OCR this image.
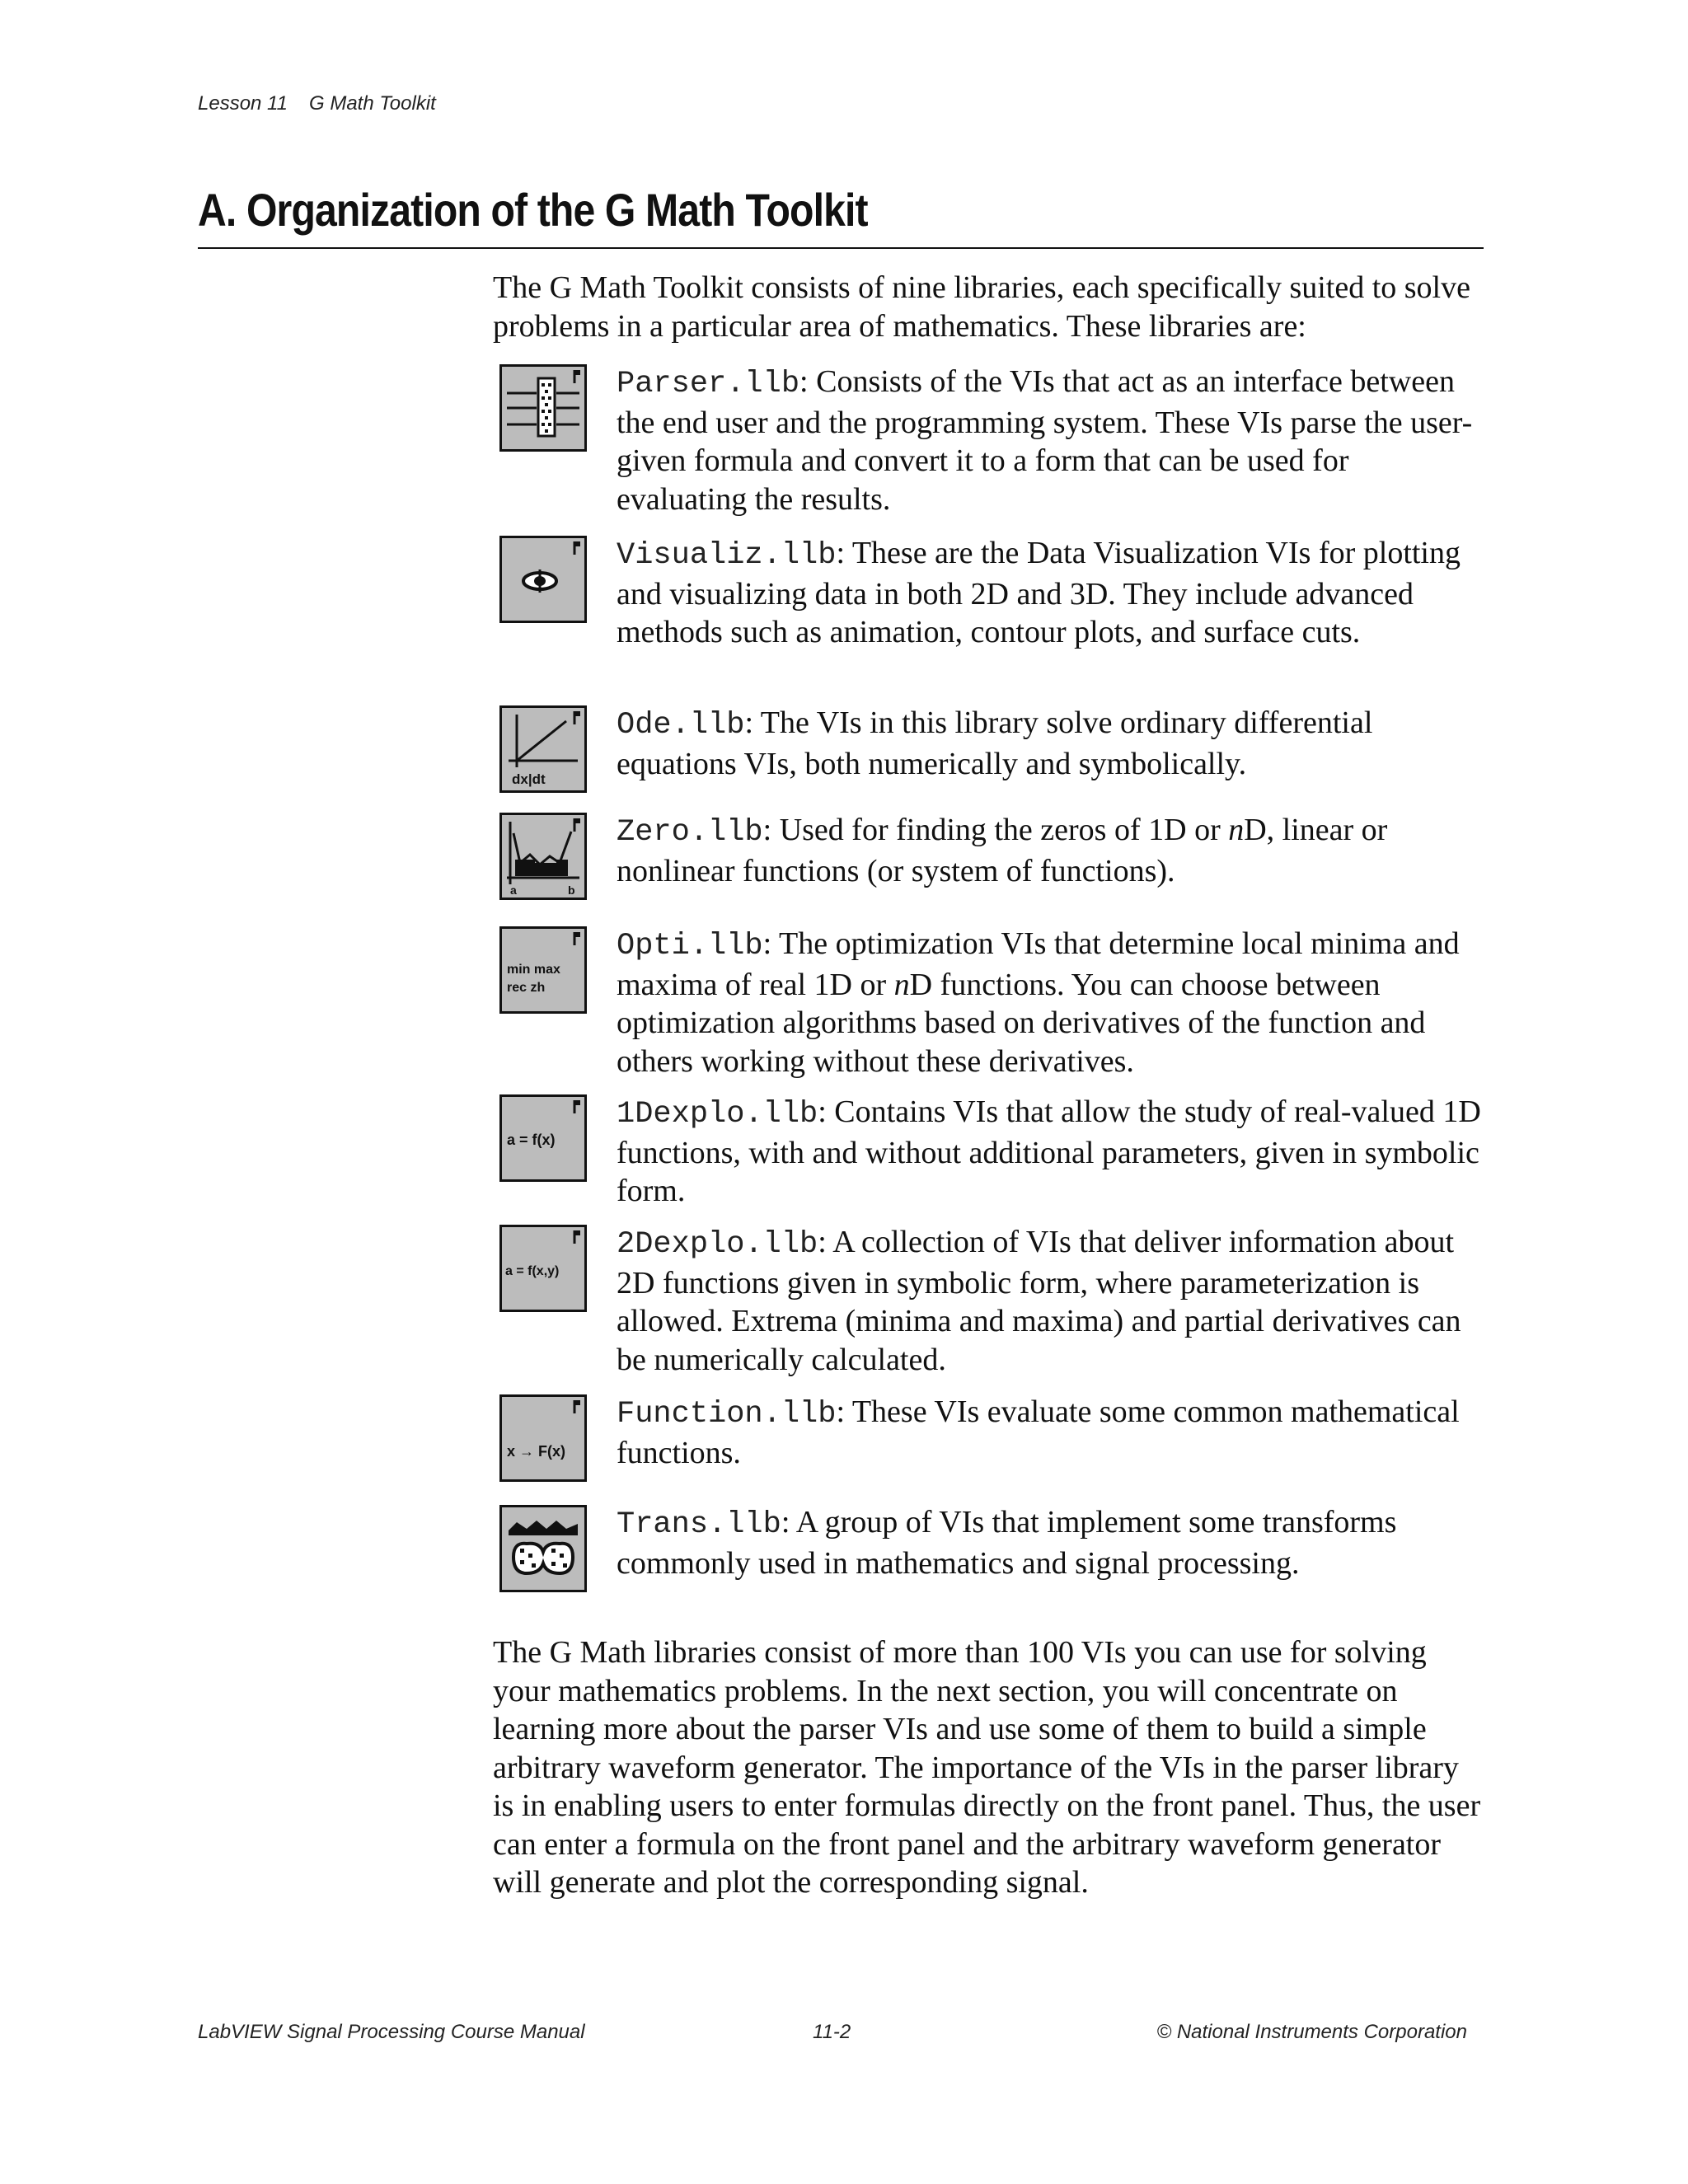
Lesson 11 G Math Toolkit
A. Organization of the G Math Toolkit

The G Math Toolkit consists of nine libraries, each specifically suited to solve problems in a particular area of mathematics. These libraries are:

Parser.llb: Consists of the VIs that act as an interface between the end user and the programming system. These VIs parse the user-given formula and convert it to a form that can be used for evaluating the results.

Visualiz.llb: These are the Data Visualization VIs for plotting and visualizing data in both 2D and 3D. They include advanced methods such as animation, contour plots, and surface cuts.

dx|dt

Ode.llb: The VIs in this library solve ordinary differential equations VIs, both numerically and symbolically.

a	b

Zero.llb: Used for finding the zeros of 1D or nD, linear or nonlinear functions (or system of functions).

min max
rec zh

Opti.llb: The optimization VIs that determine local minima and maxima of real 1D or nD functions. You can choose between optimization algorithms based on derivatives of the function and others working without these derivatives.

a = f(x)

1Dexplo.llb: Contains VIs that allow the study of real-valued 1D functions, with and without additional parameters, given in symbolic form.

a = f(x,y)

2Dexplo.llb: A collection of VIs that deliver information about 2D functions given in symbolic form, where parameterization is allowed. Extrema (minima and maxima) and partial derivatives can be numerically calculated.

x → F(x)

Function.llb: These VIs evaluate some common mathematical functions.

Trans.llb: A group of VIs that implement some transforms commonly used in mathematics and signal processing.

The G Math libraries consist of more than 100 VIs you can use for solving your mathematics problems. In the next section, you will concentrate on learning more about the parser VIs and use some of them to build a simple arbitrary waveform generator. The importance of the VIs in the parser library is in enabling users to enter formulas directly on the front panel. Thus, the user can enter a formula on the front panel and the arbitrary waveform generator will generate and plot the corresponding signal.

LabVIEW Signal Processing Course Manual	11-2	© National Instruments Corporation
